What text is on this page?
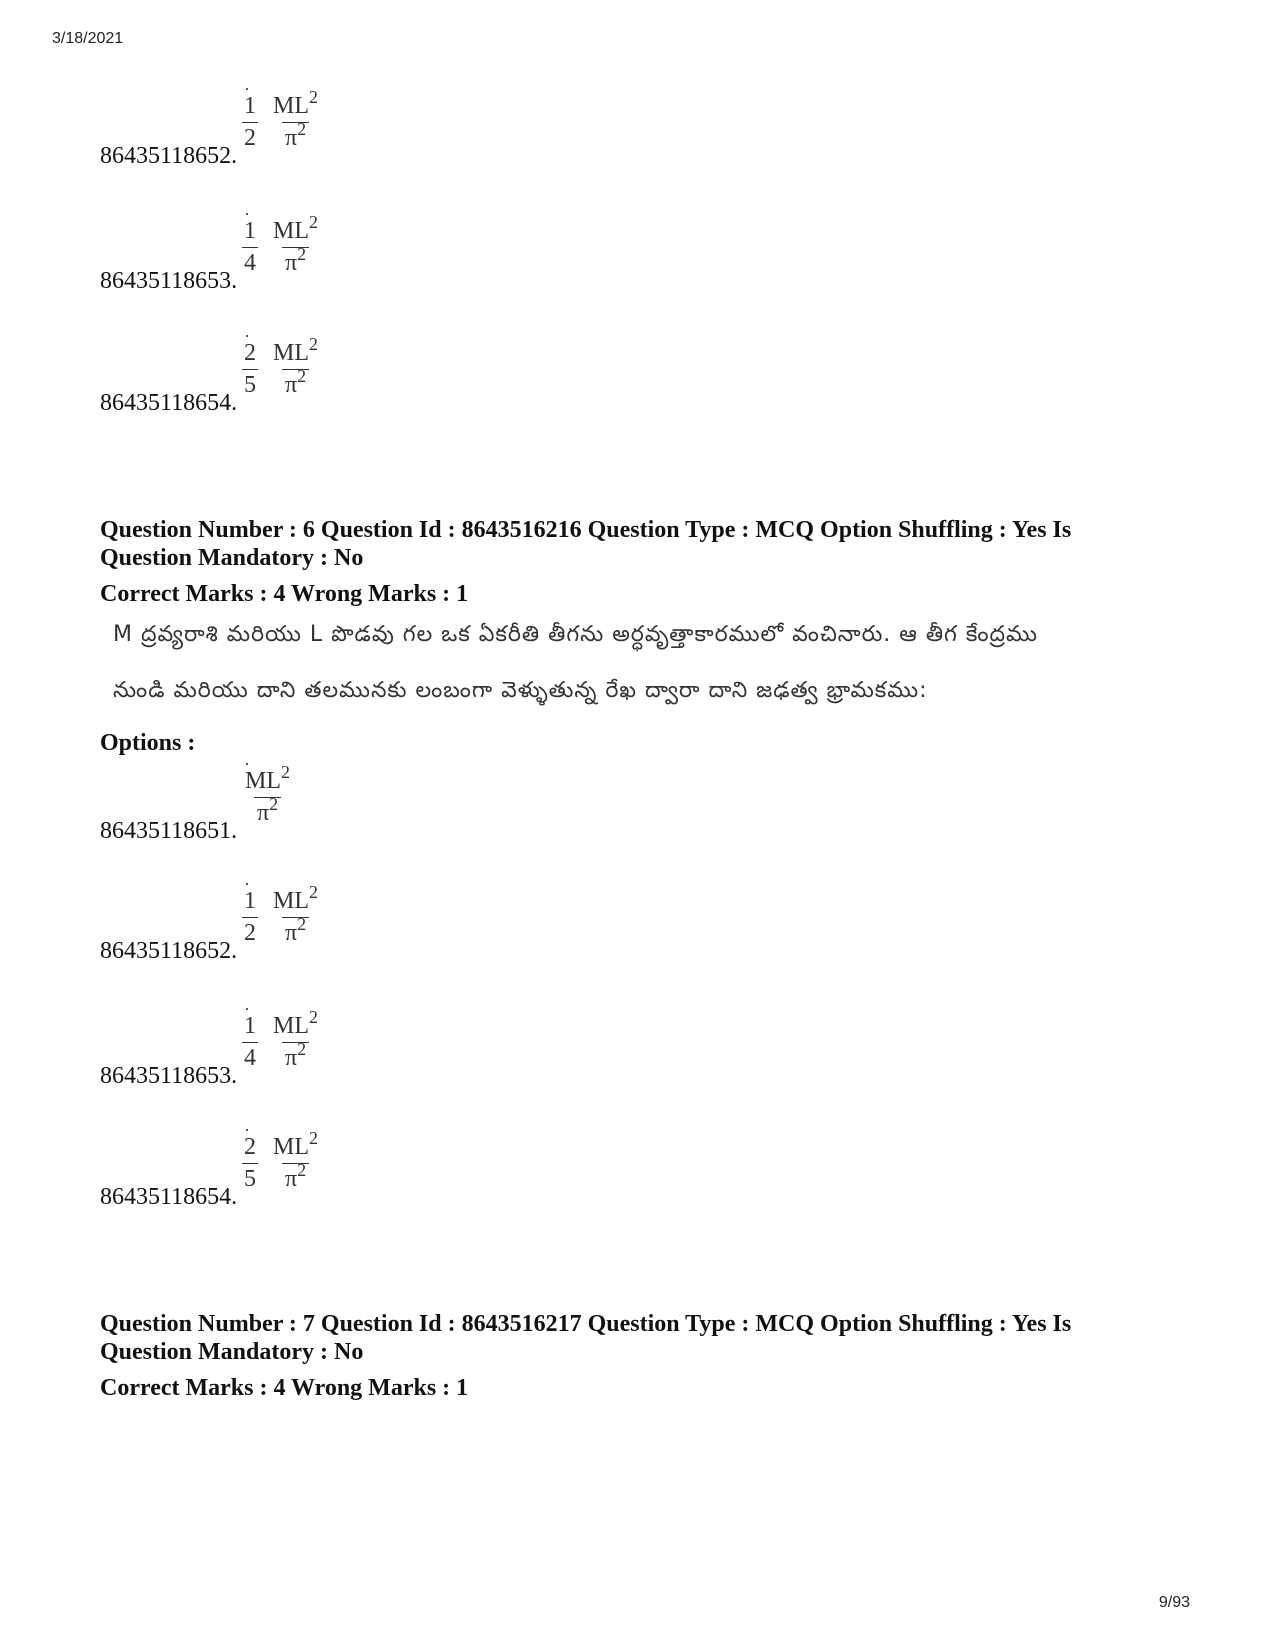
3/18/2021
$\frac{1}{2} \frac{ML^2}{\pi^2}$
86435118652.
$\frac{1}{4} \frac{ML^2}{\pi^2}$
86435118653.
$\frac{2}{5} \frac{ML^2}{\pi^2}$
86435118654.
Question Number : 6 Question Id : 8643516216 Question Type : MCQ Option Shuffling : Yes Is
Question Mandatory : No
Correct Marks : 4 Wrong Marks : 1
M ద్రవ్యరాశి మరియు L పొడవు గల ఒక ఏకరీతి తీగను అర్ధవృత్తాకారములో వంచినారు. ఆ తీగ కేంద్రము
నుండి మరియు దాని తలమునకు లంబంగా వెళ్ళుతున్న రేఖ ద్వారా దాని జఢత్వ భ్రామకము:
Options :
$\frac{ML^2}{\pi^2}$
86435118651.
$\frac{1}{2} \frac{ML^2}{\pi^2}$
86435118652.
$\frac{1}{4} \frac{ML^2}{\pi^2}$
86435118653.
$\frac{2}{5} \frac{ML^2}{\pi^2}$
86435118654.
Question Number : 7 Question Id : 8643516217 Question Type : MCQ Option Shuffling : Yes Is
Question Mandatory : No
Correct Marks : 4 Wrong Marks : 1
9/93
